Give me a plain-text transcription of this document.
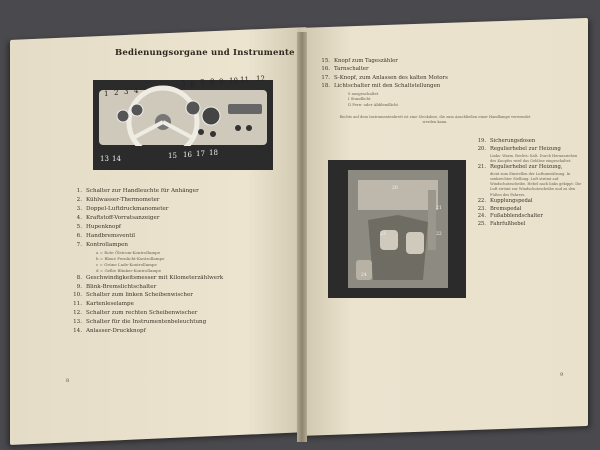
Bedienungsorgane und Instrumente
1 2 3 4
5 6 7 8 9 10 11 12
13 14	15 16 17 18
1. Schalter zur Handleuchte für Anhänger
2. Kühlwasser-Thermometer
3. Doppel-Luftdruckmanometer
4. Kraftstoff-Vorratsanzeiger
5. Hupenknopf
6. Handbremsventil
7. Kontrollampen
a = Rote Ölstrom-Kontrollampe
b = Blaue Fernlicht-Kontrollampe
c = Grüne Lade-Kontrollampe
d = Gelbe Blinker-Kontrollampe
8. Geschwindigkeitsmesser mit Kilometerzählwerk
9. Blink-Bremslichtschalter
10. Schalter zum linken Scheibenwischer
11. Kartenleselampe
12. Schalter zum rechten Scheibenwischer
13. Schalter für die Instrumentenbeleuchtung
14. Anlasser-Druckknopf
8
15. Knopf zum Tageszähler
16. Tarnschalter
17. S-Knopf, zum Anlassen des kalten Motors
18. Lichtschalter mit den Schaltstellungen
0 ausgeschaltet
I Standlicht
II Fern- oder Abblendlicht
Rechts auf dem Instrumentenbrett ist eine Steckdose, die zum Anschließen einer Handlampe verwendet werden kann.
20
21
22
23
24
19. Sicherungsdosen
20. Regulierhebel zur Heizung
Links: Warm. Rechts: Kalt. Durch Herausziehen des Knopfes wird das Gebläse eingeschaltet.
21. Regulierhebel zur Heizung,
dient zum Einstellen der Luftumwälzung. In senkrechter Stellung: Luft strömt auf Windschutzscheibe. Hebel nach links gekippt: Die Luft strömt zur Windschutzscheibe und zu den Füßen des Fahrers.
22. Kupplungspedal
23. Bremspedal
24. Fußabblendschalter
25. Fahrfußhebel
9
